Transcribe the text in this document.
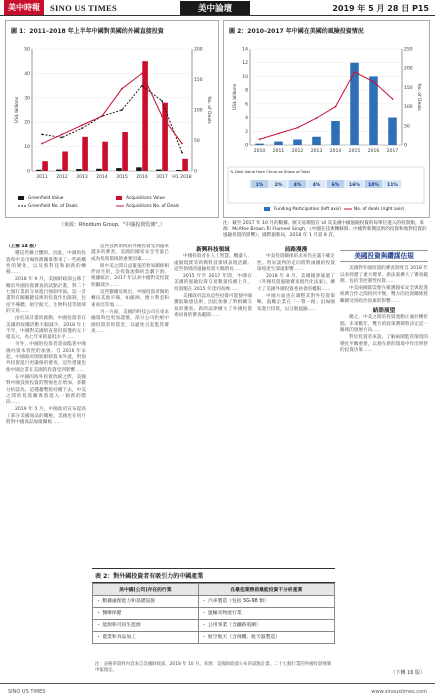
美中時報	SINO US TIMES	美中論壇	2019 年 5 月 28 日 P15
圖 1：2011–2018 年上半年中國對美國的外國直接投資
0
10
20
30
40
50
0
50
100
150
200
US$ billions	No. of Deals
2011 2012 2013 2014 2015 2016 2017 H1 2018
Greenfield Value	Acquisitions Value
Greenfield No. of Deals	Acquisitions No. of Deals
（來源：Rhodium Group，"中國投資監測"。）
圖 2：2010–2017 年中國在美國的風險投資情況
0
2
4
6
8
10
12
14
0
50
100
150
200
250
US$ billions	No. of Deals
2010 2011 2012 2013 2014 2015 2016 2017
Funding Participation (left axis)	No. of deals (right axis)
% Deal Value from China as Share of Total
1% 2% 4% 4% 6% 16% 10% 11%
注：截至 2017 年 10 月的數據。匯交易價值在 UI 及美國中國風險投資的每單位進入的投資額。來源：McAfee Brown 和 Flameel Singh，《中國在技術轉移與…中國對新興技術的投資和地對投資的風險投資的影響》，國際創新局，2018 年 1 月第 8 頁。

（上接 14 版）

種這些聯合體的。因此，中國的投資和中美市場經濟關係帶來了一些結構性的變化，以及新科技和創新的轉移……

2018 年 9 月，美國財政部公佈了關於外國投資審查的試點計畫，對二十七個行業的交易進行強制申報。這一計畫對有關關鍵技術的投資作出限制，包括半導體、航空航天、生物科技等領域的交易……

由於該計畫的啟動，中國投資者在美國的收購活動大幅減少。2018 年上半年，中國對美國的直接投資僅約五十億美元，為七年來的最低水平……

另外，中國的投資者還面臨著中國國內資本管控的加強。自 2016 年末起，中國政府開始限制資本外流，對海外投資進行更嚴格的審查，這些措施也使中國企業在美國的投資受到影響……

在中國的海外投資放緩之際，美國對中國技術投資的警惕也在增加。多數分析認為，這種趨勢將持續下去，中美之間的投資關係將進入一個新的階段……

2019 年 5 月，中國政府宣布提高了部分美國商品的關稅。美國也在同月將對中國商品加徵關稅……

這些技術領域的外國投資受到越來越多的審查，美國的國家安全考量已成為投資環境的重要因素……

與中美之間日益緊張的貿易關係相伴而生的，是投資流動的急劇下滑。根據統計，2017 年以來中國對美投資明顯減少……

這些數據反映出，中國投資者開始轉向其他市場，如歐洲、澳大利亞和東南亞等地……

另一方面，美國的科技公司在尋求融資時也更加謹慎，部分公司拒絕中國投資者的資金，以避免引起監管審查……

新興科技領域

中國投資者在人工智慧、機器人、虛擬現實等新興科技領域表現活躍。這些領域的風險投資大幅增長……

2015 年至 2017 年間，中國在美國的風險投資交易數量持續上升，投資額在 2015 年達到高峰……

美國政府認為這些投資可能使中國獲取敏感技術，因此加強了對相關交易的審查。新的法律擴大了外國投資委員會的審查範圍……

前路漫漫

中美投資關係的未來仍充滿不確定性。貿易談判的走向將對兩國的投資環境產生深遠影響……

2018 年 8 月，美國國會通過了《外國投資風險審查現代化法案》，擴大了美國外國投資委員會的權限……

中國方面也在調整其對外投資策略，鼓勵企業在「一帶一路」沿線國家進行投資，以分散風險……

美國投資與鑽謀估規

美國對外國投資的審查制度自 2018 年以來經歷了重大變革。新法案擴大了審查範圍，包括非控制性投資……

中美兩國都需要在維護國家安全與促進經濟合作之間找到平衡。雙方的投資關係將繼續受到政治因素的影響……

結語展望

總之，中美之間的投資流動正處於轉折點。未來數年，雙方的政策選擇將決定這一關係的發展方向……

對於投資者來說，了解兩國監管環境的變化至關重要，以便在新的環境中作出明智的投資決策……

表 2：對外國投資者有吸引力的中國產業
美中國(公司)存在的行業	在最佳業務前最能投資干分析產業
・ 數據處理能力和基礎設施	・ 汽車製造（包括 5G-98 類）
・ 醫療保健	・ 運輸及物流行業
・ 能源和可再生能源	・ 公用事業（含鐵路電網）
・ 農業和食品加工	・ 航空航天（含飛機、航天器製造）
注：表格的資料內容來自美國財政部，2018 年 10 月。來源：美國財政部公布的試點計畫，二十七個行業的外國投資強制申報規定。	（下轉 16 版）
SINO US TIMES	www.sinoustimes.com
